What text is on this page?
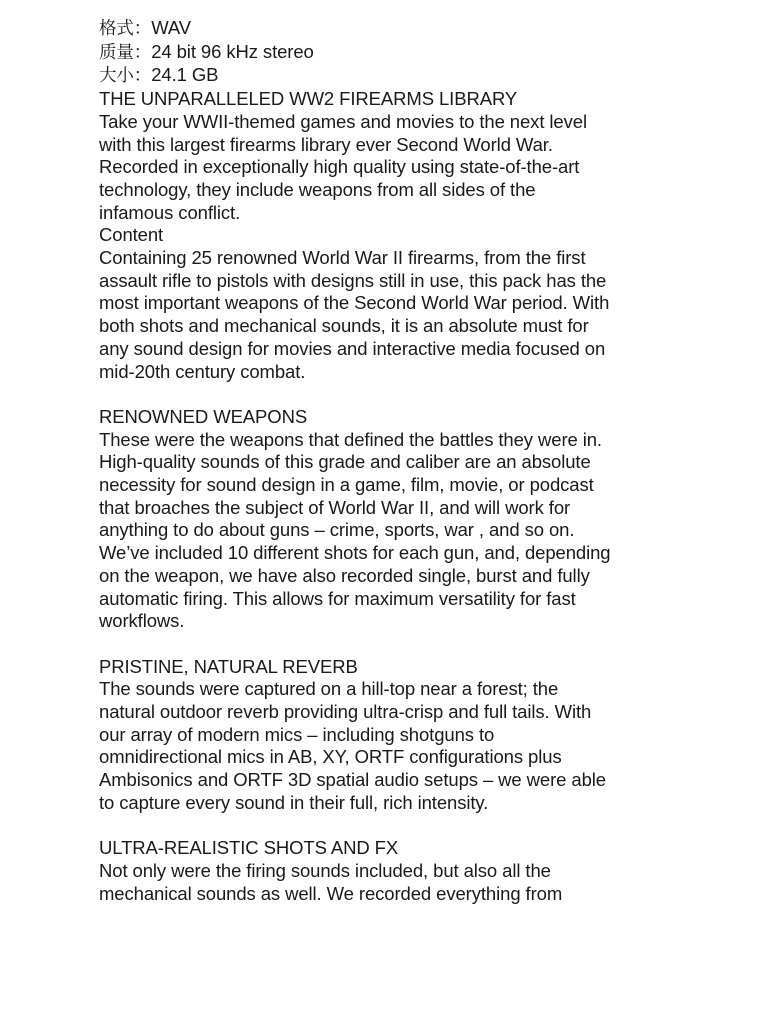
格式：WAV
质量：24 bit 96 kHz stereo
大小：24.1 GB
THE UNPARALLELED WW2 FIREARMS LIBRARY
Take your WWII-themed games and movies to the next level
with this largest firearms library ever Second World War.
Recorded in exceptionally high quality using state-of-the-art
technology, they include weapons from all sides of the
infamous conflict.
Content
Containing 25 renowned World War II firearms, from the first
assault rifle to pistols with designs still in use, this pack has the
most important weapons of the Second World War period. With
both shots and mechanical sounds, it is an absolute must for
any sound design for movies and interactive media focused on
mid-20th century combat.
RENOWNED WEAPONS
These were the weapons that defined the battles they were in.
High-quality sounds of this grade and caliber are an absolute
necessity for sound design in a game, film, movie, or podcast
that broaches the subject of World War II, and will work for
anything to do about guns – crime, sports, war , and so on.
We’ve included 10 different shots for each gun, and, depending
on the weapon, we have also recorded single, burst and fully
automatic firing. This allows for maximum versatility for fast
workflows.
PRISTINE, NATURAL REVERB
The sounds were captured on a hill-top near a forest; the
natural outdoor reverb providing ultra-crisp and full tails. With
our array of modern mics – including shotguns to
omnidirectional mics in AB, XY, ORTF configurations plus
Ambisonics and ORTF 3D spatial audio setups – we were able
to capture every sound in their full, rich intensity.
ULTRA-REALISTIC SHOTS AND FX
Not only were the firing sounds included, but also all the
mechanical sounds as well. We recorded everything from
